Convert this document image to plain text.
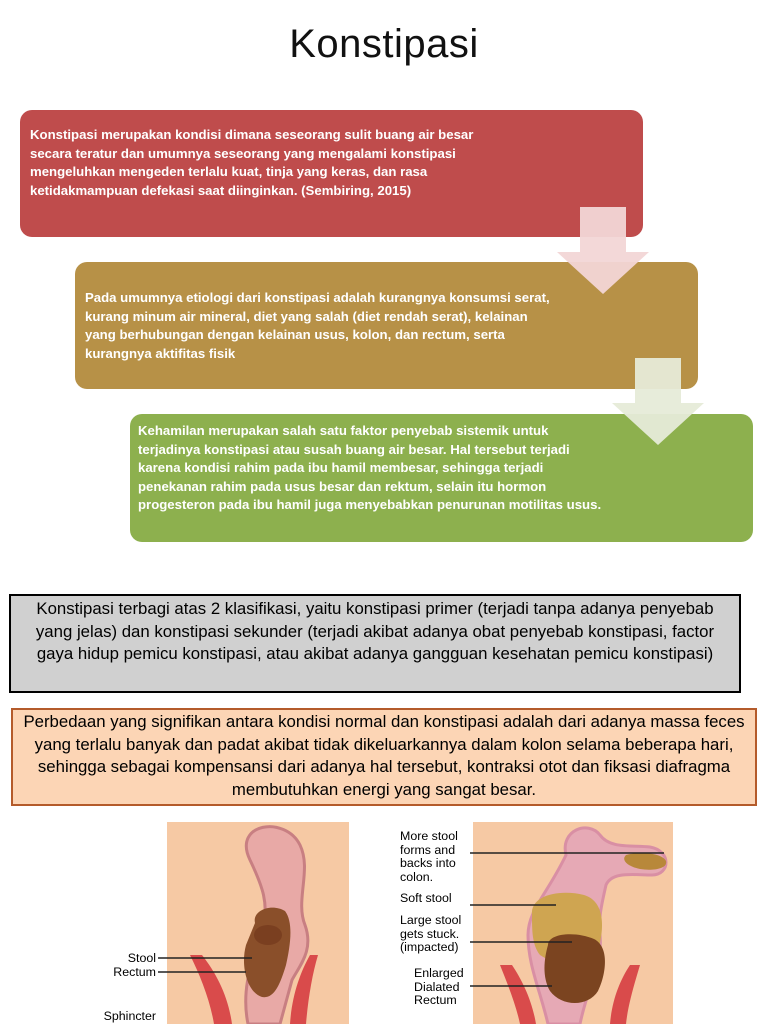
Konstipasi
Konstipasi merupakan kondisi dimana seseorang sulit buang air besar secara teratur dan umumnya seseorang yang mengalami konstipasi mengeluhkan mengeden terlalu kuat, tinja yang keras, dan rasa ketidakmampuan defekasi saat diinginkan. (Sembiring, 2015)
Pada umumnya etiologi dari konstipasi adalah kurangnya konsumsi serat, kurang minum air mineral, diet yang salah (diet rendah serat), kelainan yang berhubungan dengan kelainan usus, kolon, dan rectum, serta kurangnya aktifitas fisik
Kehamilan merupakan salah satu faktor penyebab sistemik untuk terjadinya konstipasi atau susah buang air besar. Hal tersebut terjadi karena kondisi rahim pada ibu hamil membesar, sehingga terjadi penekanan rahim pada usus besar dan rektum, selain itu hormon progesteron pada ibu hamil juga menyebabkan penurunan motilitas usus.
Konstipasi terbagi atas 2 klasifikasi, yaitu konstipasi primer (terjadi tanpa adanya penyebab yang jelas) dan konstipasi sekunder (terjadi akibat adanya obat penyebab konstipasi, factor gaya hidup pemicu konstipasi, atau akibat adanya gangguan kesehatan pemicu konstipasi)
Perbedaan yang signifikan antara kondisi normal dan konstipasi adalah dari adanya massa feces yang terlalu banyak dan padat akibat tidak dikeluarkannya dalam kolon selama beberapa hari, sehingga sebagai kompensansi dari adanya hal tersebut, kontraksi otot dan fiksasi diafragma membutuhkan energi yang sangat besar.
Stool
Rectum
Sphincter
More stool forms and backs into colon.
Soft stool
Large stool gets stuck. (impacted)
Enlarged Dialated Rectum
